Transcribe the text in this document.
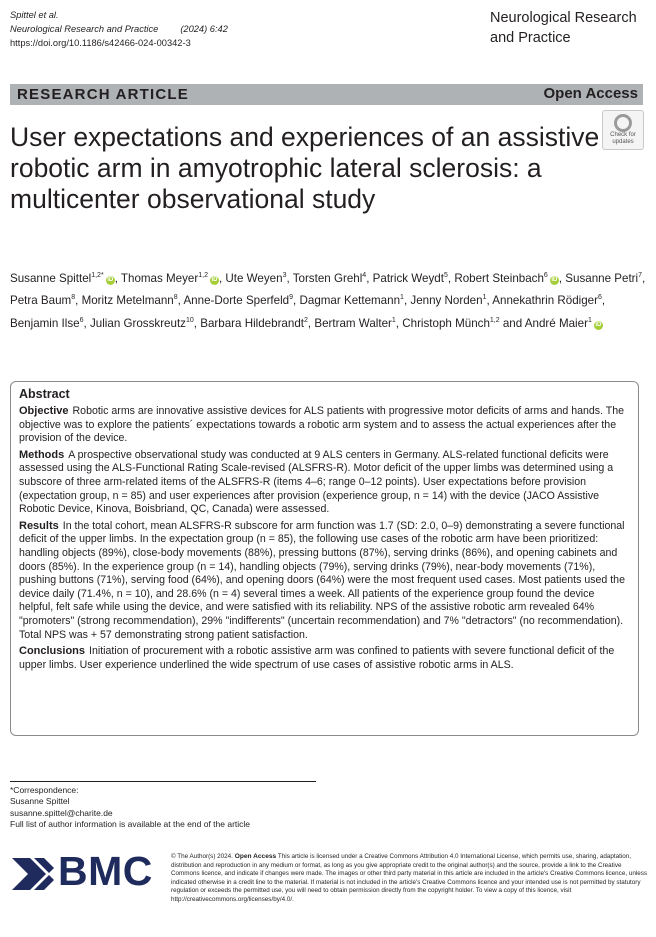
Spittel et al.
Neurological Research and Practice (2024) 6:42
https://doi.org/10.1186/s42466-024-00342-3
Neurological Research
and Practice
RESEARCH ARTICLE	Open Access
User expectations and experiences of an assistive robotic arm in amyotrophic lateral sclerosis: a multicenter observational study
Check for
updates
Susanne Spittel$^{1,2*}$iD , Thomas Meyer$^{1,2}$iD , Ute Weyen$^3$, Torsten Grehl$^4$, Patrick Weydt$^5$, Robert Steinbach$^6$iD , Susanne Petri$^7$, Petra Baum$^8$, Moritz Metelmann$^8$, Anne-Dorte Sperfeld$^9$, Dagmar Kettemann$^1$, Jenny Norden$^1$, Annekathrin Rödiger$^6$, Benjamin Ilse$^6$, Julian Grosskreutz$^{10}$, Barbara Hildebrandt$^2$, Bertram Walter$^1$, Christoph Münch$^{1,2}$ and André Maier$^1$iD
Abstract
Objective Robotic arms are innovative assistive devices for ALS patients with progressive motor deficits of arms and hands. The objective was to explore the patients´ expectations towards a robotic arm system and to assess the actual experiences after the provision of the device.
Methods A prospective observational study was conducted at 9 ALS centers in Germany. ALS-related functional deficits were assessed using the ALS-Functional Rating Scale-revised (ALSFRS-R). Motor deficit of the upper limbs was determined using a subscore of three arm-related items of the ALSFRS-R (items 4–6; range 0–12 points). User expectations before provision (expectation group, n = 85) and user experiences after provision (experience group, n = 14) with the device (JACO Assistive Robotic Device, Kinova, Boisbriand, QC, Canada) were assessed.
Results In the total cohort, mean ALSFRS-R subscore for arm function was 1.7 (SD: 2.0, 0–9) demonstrating a severe functional deficit of the upper limbs. In the expectation group (n = 85), the following use cases of the robotic arm have been prioritized: handling objects (89%), close-body movements (88%), pressing buttons (87%), serving drinks (86%), and opening cabinets and doors (85%). In the experience group (n = 14), handling objects (79%), serving drinks (79%), near-body movements (71%), pushing buttons (71%), serving food (64%), and opening doors (64%) were the most frequent used cases. Most patients used the device daily (71.4%, n = 10), and 28.6% (n = 4) several times a week. All patients of the experience group found the device helpful, felt safe while using the device, and were satisfied with its reliability. NPS of the assistive robotic arm revealed 64% "promoters" (strong recommendation), 29% "indifferents" (uncertain recommendation) and 7% "detractors" (no recommendation). Total NPS was + 57 demonstrating strong patient satisfaction.
Conclusions Initiation of procurement with a robotic assistive arm was confined to patients with severe functional deficit of the upper limbs. User experience underlined the wide spectrum of use cases of assistive robotic arms in ALS.
*Correspondence:
Susanne Spittel
susanne.spittel@charite.de
Full list of author information is available at the end of the article
BMC	© The Author(s) 2024. Open Access This article is licensed under a Creative Commons Attribution 4.0 International License, which permits use, sharing, adaptation, distribution and reproduction in any medium or format, as long as you give appropriate credit to the original author(s) and the source, provide a link to the Creative Commons licence, and indicate if changes were made. The images or other third party material in this article are included in the article's Creative Commons licence, unless indicated otherwise in a credit line to the material. If material is not included in the article's Creative Commons licence and your intended use is not permitted by statutory regulation or exceeds the permitted use, you will need to obtain permission directly from the copyright holder. To view a copy of this licence, visit http://creativecommons.org/licenses/by/4.0/.
